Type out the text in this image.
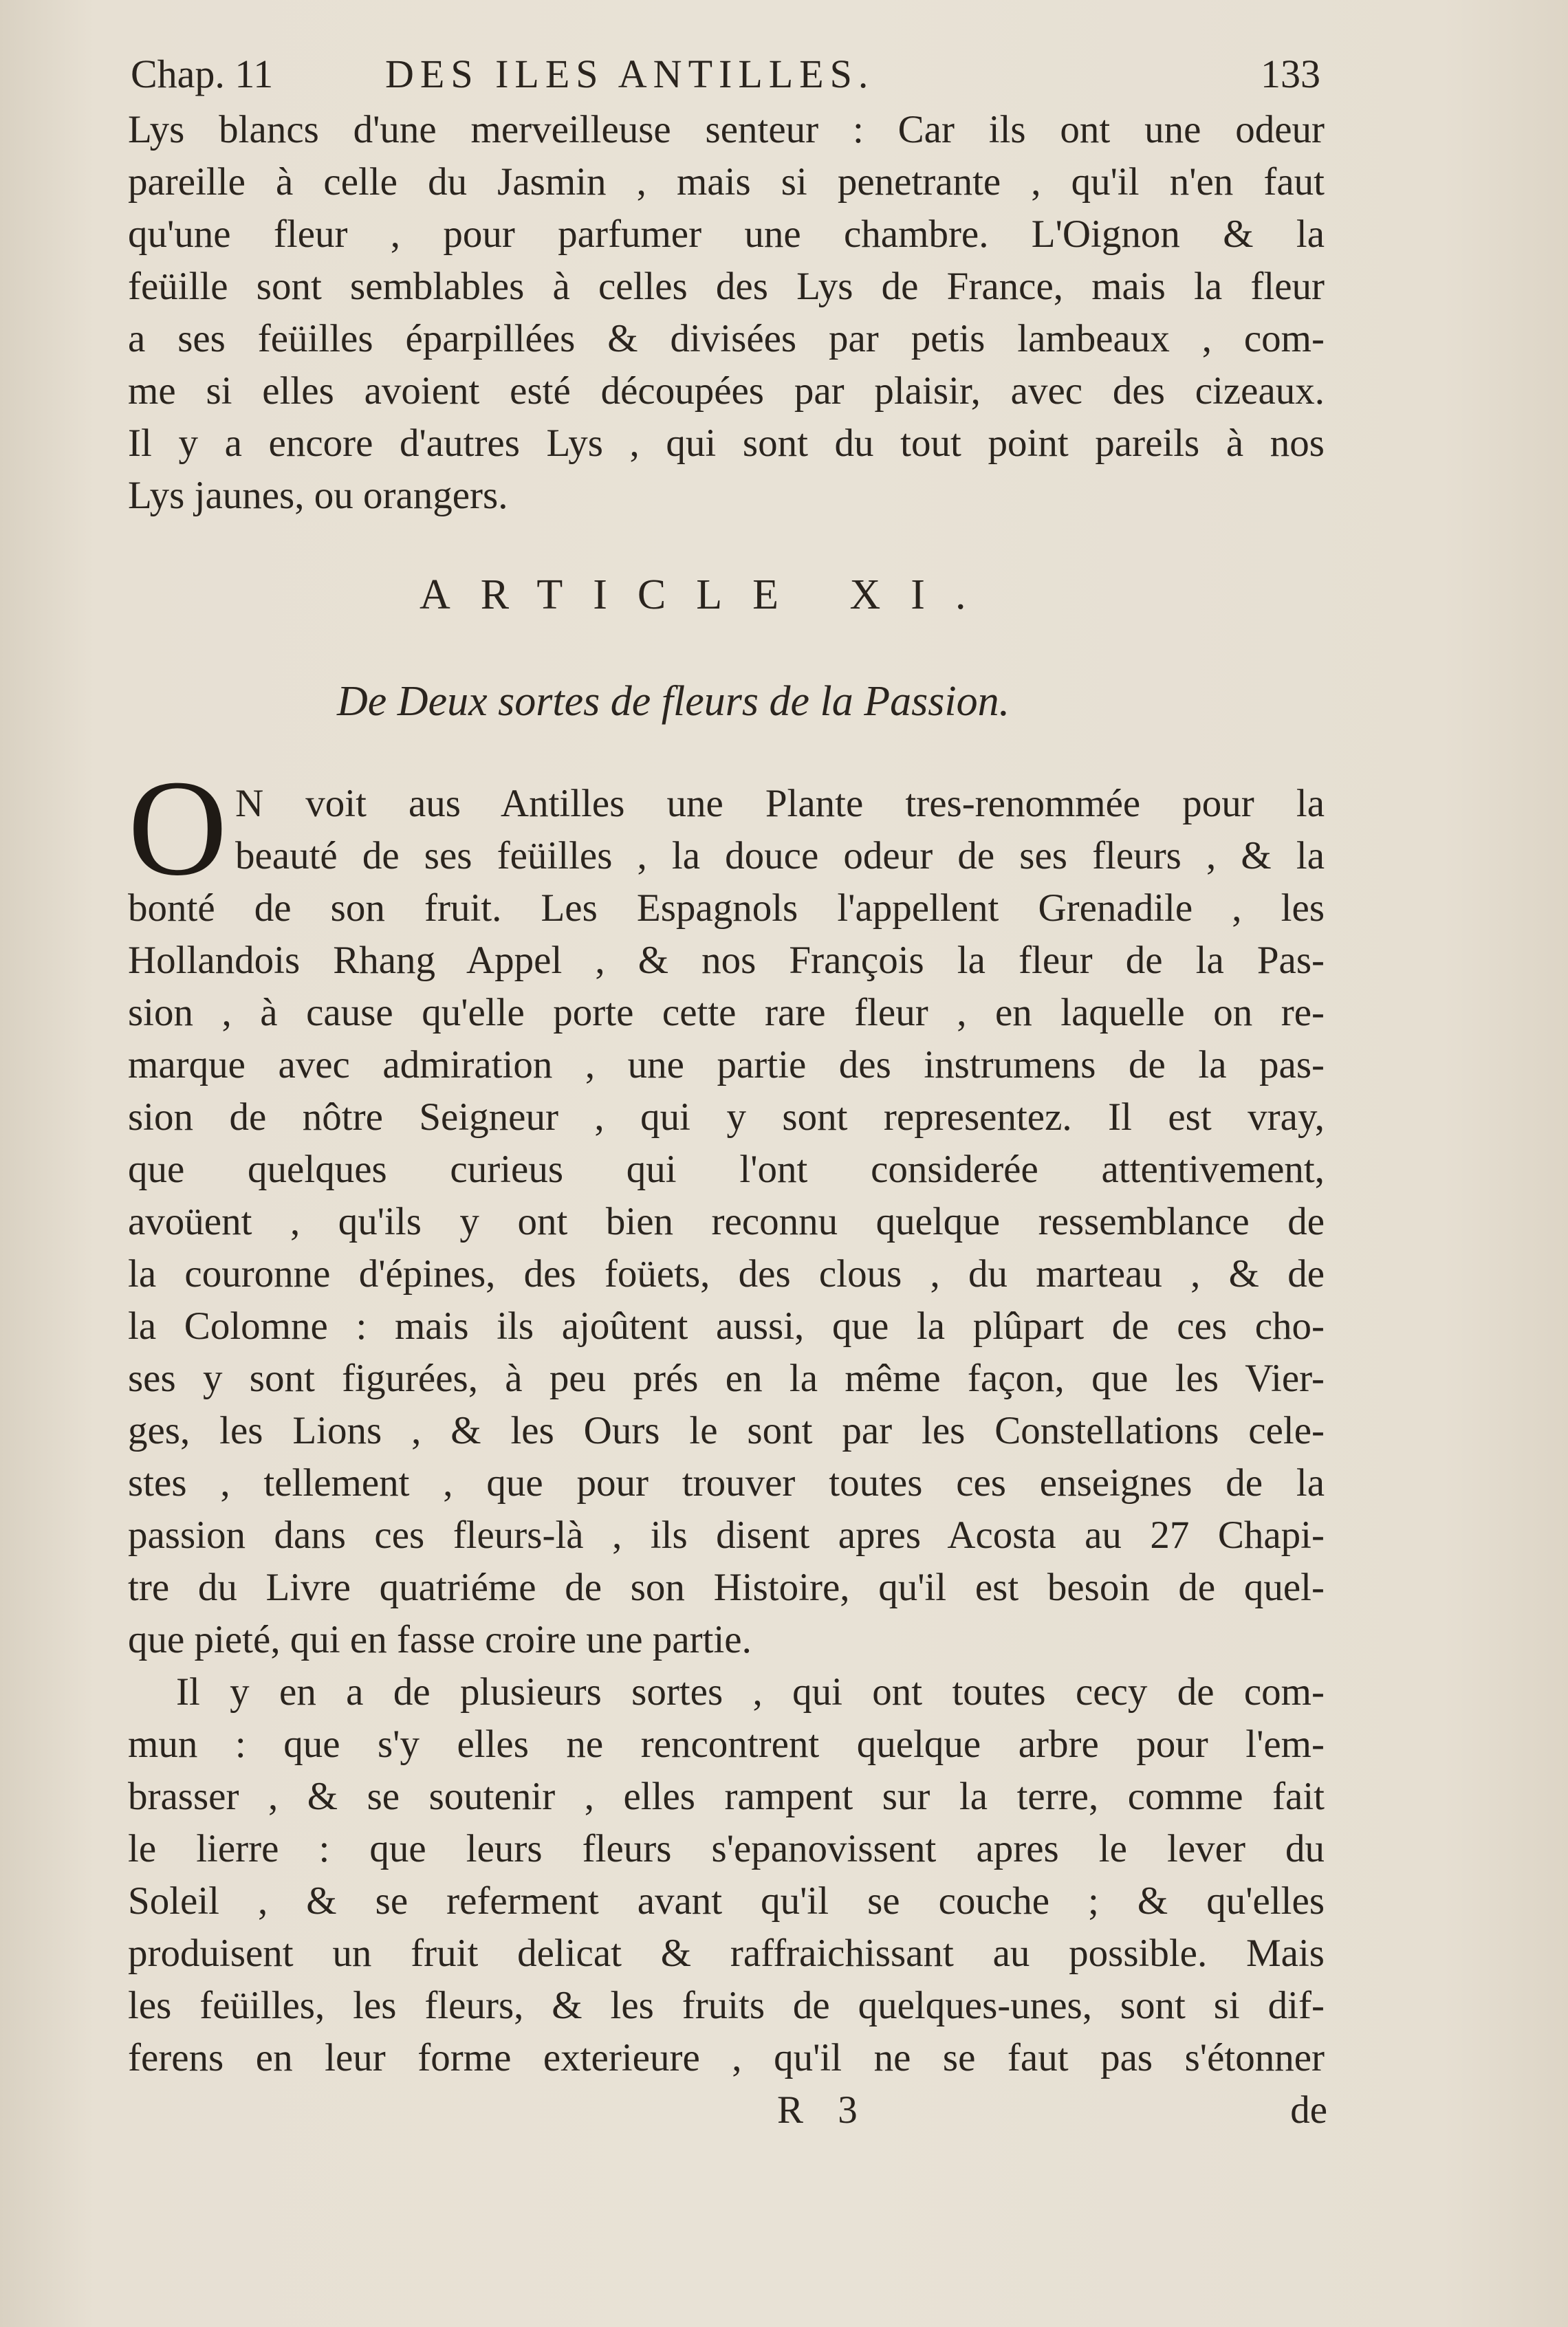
Chap. 11	DES ILES ANTILLES.	133
Lys blancs d'une merveilleuse senteur : Car ils ont une odeur
pareille à celle du Jasmin , mais si penetrante , qu'il n'en faut
qu'une fleur , pour parfumer une chambre. L'Oignon & la
feüille sont semblables à celles des Lys de France, mais la fleur
a ses feüilles éparpillées & divisées par petis lambeaux , com-
me si elles avoient esté découpées par plaisir, avec des cizeaux.
Il y a encore d'autres Lys , qui sont du tout point pareils à nos
Lys jaunes, ou orangers.
ARTICLE XI.
De Deux sortes de fleurs de la Passion.
O N voit aus Antilles une Plante tres-renommée pour la
beauté de ses feüilles , la douce odeur de ses fleurs , & la
bonté de son fruit. Les Espagnols l'appellent Grenadile , les
Hollandois Rhang Appel , & nos François la fleur de la Pas-
sion , à cause qu'elle porte cette rare fleur , en laquelle on re-
marque avec admiration , une partie des instrumens de la pas-
sion de nôtre Seigneur , qui y sont representez. Il est vray,
que quelques curieus qui l'ont considerée attentivement,
avoüent , qu'ils y ont bien reconnu quelque ressemblance de
la couronne d'épines, des foüets, des clous , du marteau , & de
la Colomne : mais ils ajoûtent aussi, que la plûpart de ces cho-
ses y sont figurées, à peu prés en la même façon, que les Vier-
ges, les Lions , & les Ours le sont par les Constellations cele-
stes , tellement , que pour trouver toutes ces enseignes de la
passion dans ces fleurs-là , ils disent apres Acosta au 27 Chapi-
tre du Livre quatriéme de son Histoire, qu'il est besoin de quel-
que pieté, qui en fasse croire une partie.
Il y en a de plusieurs sortes , qui ont toutes cecy de com-
mun : que s'y elles ne rencontrent quelque arbre pour l'em-
brasser , & se soutenir , elles rampent sur la terre, comme fait
le lierre : que leurs fleurs s'epanovissent apres le lever du
Soleil , & se referment avant qu'il se couche ; & qu'elles
produisent un fruit delicat & raffraichissant au possible. Mais
les feüilles, les fleurs, & les fruits de quelques-unes, sont si dif-
ferens en leur forme exterieure , qu'il ne se faut pas s'étonner
R 3	de
